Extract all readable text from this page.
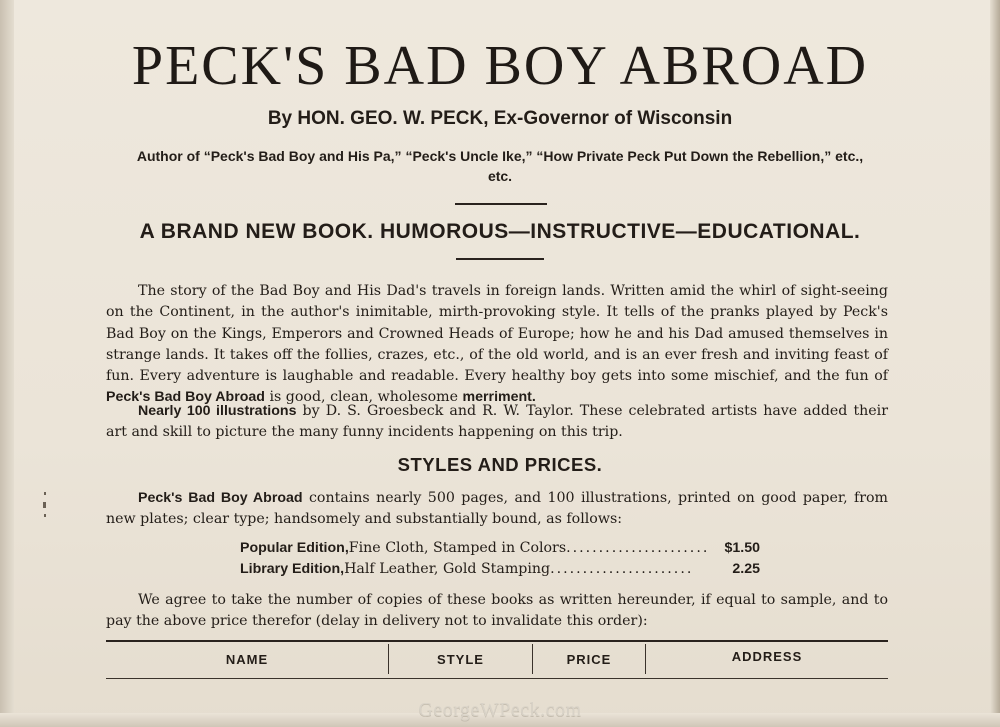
PECK'S BAD BOY ABROAD
By HON. GEO. W. PECK, Ex-Governor of Wisconsin
Author of “Peck's Bad Boy and His Pa,” “Peck's Uncle Ike,” “How Private Peck Put Down the Rebellion,” etc., etc.
A BRAND NEW BOOK. HUMOROUS—INSTRUCTIVE—EDUCATIONAL.

The story of the Bad Boy and His Dad's travels in foreign lands. Written amid the whirl of sight-seeing on the Continent, in the author's inimitable, mirth-provoking style. It tells of the pranks played by Peck's Bad Boy on the Kings, Emperors and Crowned Heads of Europe; how he and his Dad amused themselves in strange lands. It takes off the follies, crazes, etc., of the old world, and is an ever fresh and inviting feast of fun. Every adventure is laughable and readable. Every healthy boy gets into some mischief, and the fun of Peck's Bad Boy Abroad is good, clean, wholesome merriment.

Nearly 100 illustrations by D. S. Groesbeck and R. W. Taylor. These celebrated artists have added their art and skill to picture the many funny incidents happening on this trip.

STYLES AND PRICES.

Peck's Bad Boy Abroad contains nearly 500 pages, and 100 illustrations, printed on good paper, from new plates; clear type; handsomely and substantially bound, as follows:

Popular Edition, Fine Cloth, Stamped in Colors ......................	$1.50
Library Edition, Half Leather, Gold Stamping ......................	2.25

We agree to take the number of copies of these books as written hereunder, if equal to sample, and to pay the above price therefor (delay in delivery not to invalidate this order):

NAME	STYLE	PRICE	ADDRESS
GeorgeWPeck.com
